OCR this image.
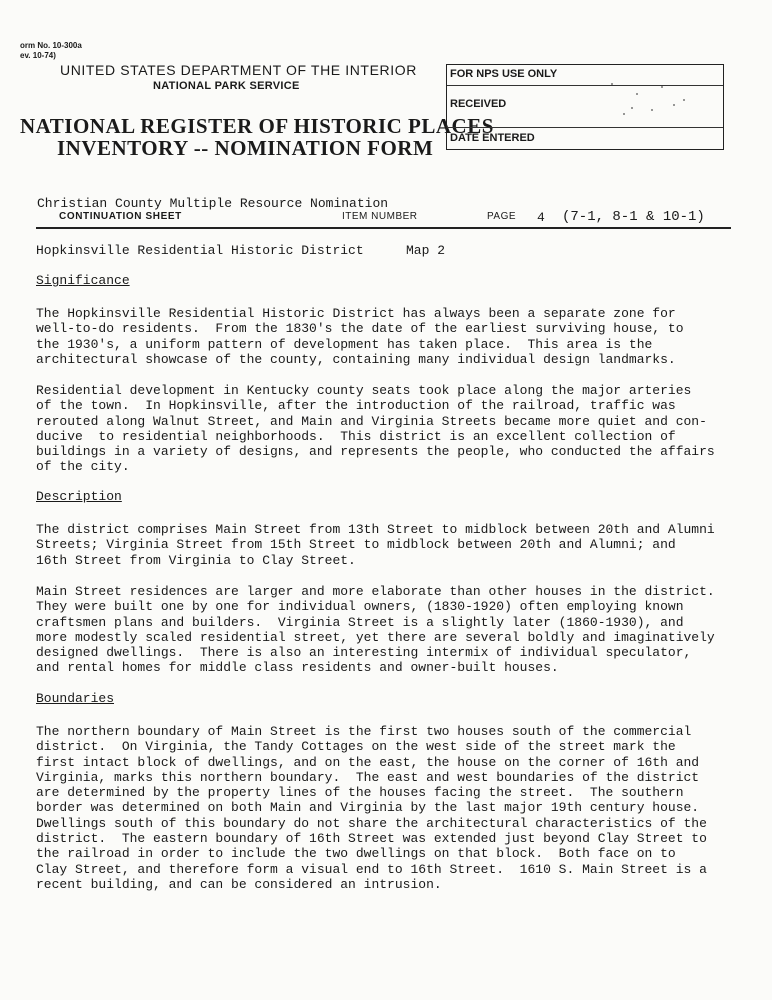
orm No. 10-300a
ev. 10-74)
UNITED STATES DEPARTMENT OF THE INTERIOR
NATIONAL PARK SERVICE
NATIONAL REGISTER OF HISTORIC PLACES
INVENTORY -- NOMINATION FORM
FOR NPS USE ONLY
RECEIVED
DATE ENTERED
Christian County Multiple Resource Nomination
CONTINUATION SHEET	ITEM NUMBER	PAGE 4 (7-1, 8-1 & 10-1)
Hopkinsville Residential Historic District	Map 2
Significance
The Hopkinsville Residential Historic District has always been a separate zone for
well-to-do residents.  From the 1830's the date of the earliest surviving house, to
the 1930's, a uniform pattern of development has taken place.  This area is the
architectural showcase of the county, containing many individual design landmarks.
Residential development in Kentucky county seats took place along the major arteries
of the town.  In Hopkinsville, after the introduction of the railroad, traffic was
rerouted along Walnut Street, and Main and Virginia Streets became more quiet and con-
ducive  to residential neighborhoods.  This district is an excellent collection of
buildings in a variety of designs, and represents the people, who conducted the affairs
of the city.
Description
The district comprises Main Street from 13th Street to midblock between 20th and Alumni
Streets; Virginia Street from 15th Street to midblock between 20th and Alumni; and
16th Street from Virginia to Clay Street.
Main Street residences are larger and more elaborate than other houses in the district.
They were built one by one for individual owners, (1830-1920) often employing known
craftsmen plans and builders.  Virginia Street is a slightly later (1860-1930), and
more modestly scaled residential street, yet there are several boldly and imaginatively
designed dwellings.  There is also an interesting intermix of individual speculator,
and rental homes for middle class residents and owner-built houses.
Boundaries
The northern boundary of Main Street is the first two houses south of the commercial
district.  On Virginia, the Tandy Cottages on the west side of the street mark the
first intact block of dwellings, and on the east, the house on the corner of 16th and
Virginia, marks this northern boundary.  The east and west boundaries of the district
are determined by the property lines of the houses facing the street.  The southern
border was determined on both Main and Virginia by the last major 19th century house.
Dwellings south of this boundary do not share the architectural characteristics of the
district.  The eastern boundary of 16th Street was extended just beyond Clay Street to
the railroad in order to include the two dwellings on that block.  Both face on to
Clay Street, and therefore form a visual end to 16th Street.  1610 S. Main Street is a
recent building, and can be considered an intrusion.
